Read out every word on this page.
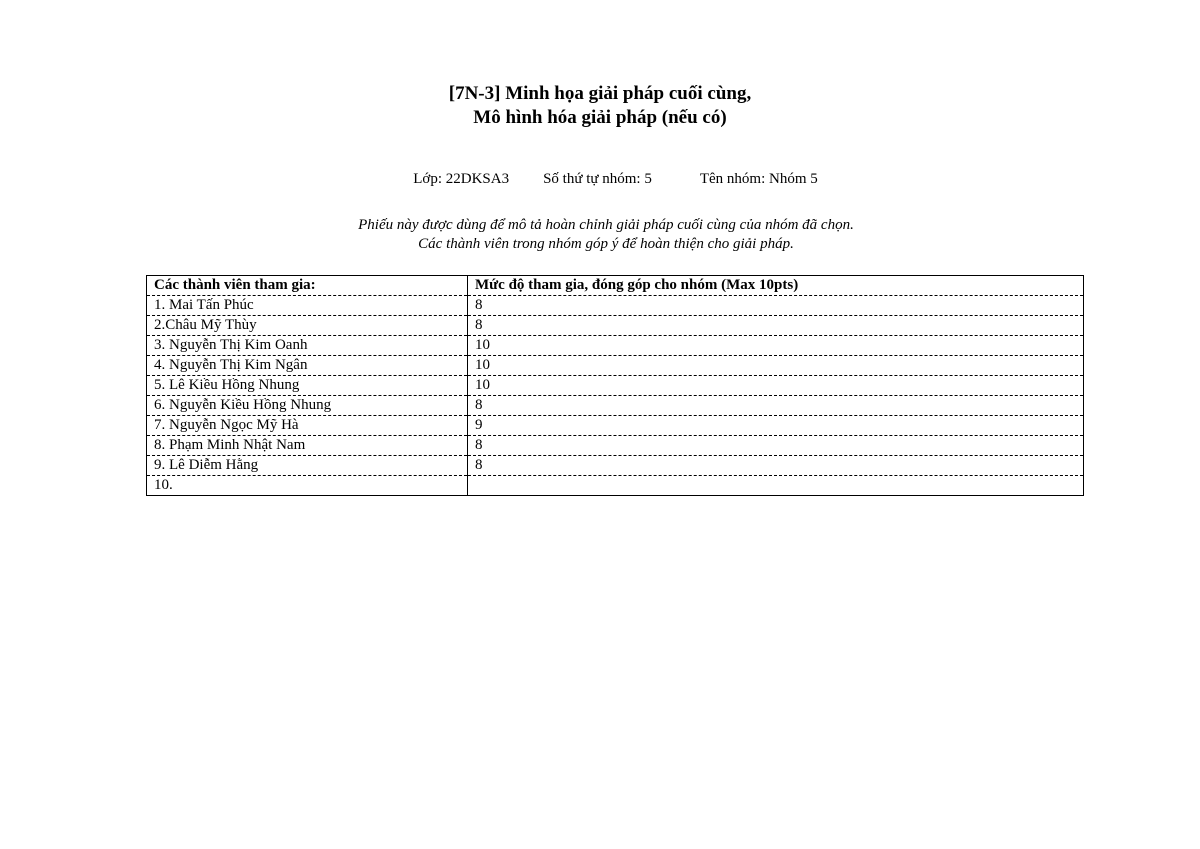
[7N-3] Minh họa giải pháp cuối cùng,
Mô hình hóa giải pháp (nếu có)
Lớp: 22DKSA3 Số thứ tự nhóm: 5	Tên nhóm: Nhóm 5
Phiếu này được dùng để mô tả hoàn chỉnh giải pháp cuối cùng của nhóm đã chọn.
Các thành viên trong nhóm góp ý để hoàn thiện cho giải pháp.
Các thành viên tham gia:	Mức độ tham gia, đóng góp cho nhóm (Max 10pts)
1. Mai Tấn Phúc	8
2.Châu Mỹ Thùy	8
3. Nguyễn Thị Kim Oanh	10
4. Nguyễn Thị Kim Ngân	10
5. Lê Kiều Hồng Nhung	10
6. Nguyễn Kiều Hồng Nhung	8
7. Nguyễn Ngọc Mỹ Hà	9
8. Phạm Minh Nhật Nam	8
9. Lê Diễm Hằng	8
10.	
